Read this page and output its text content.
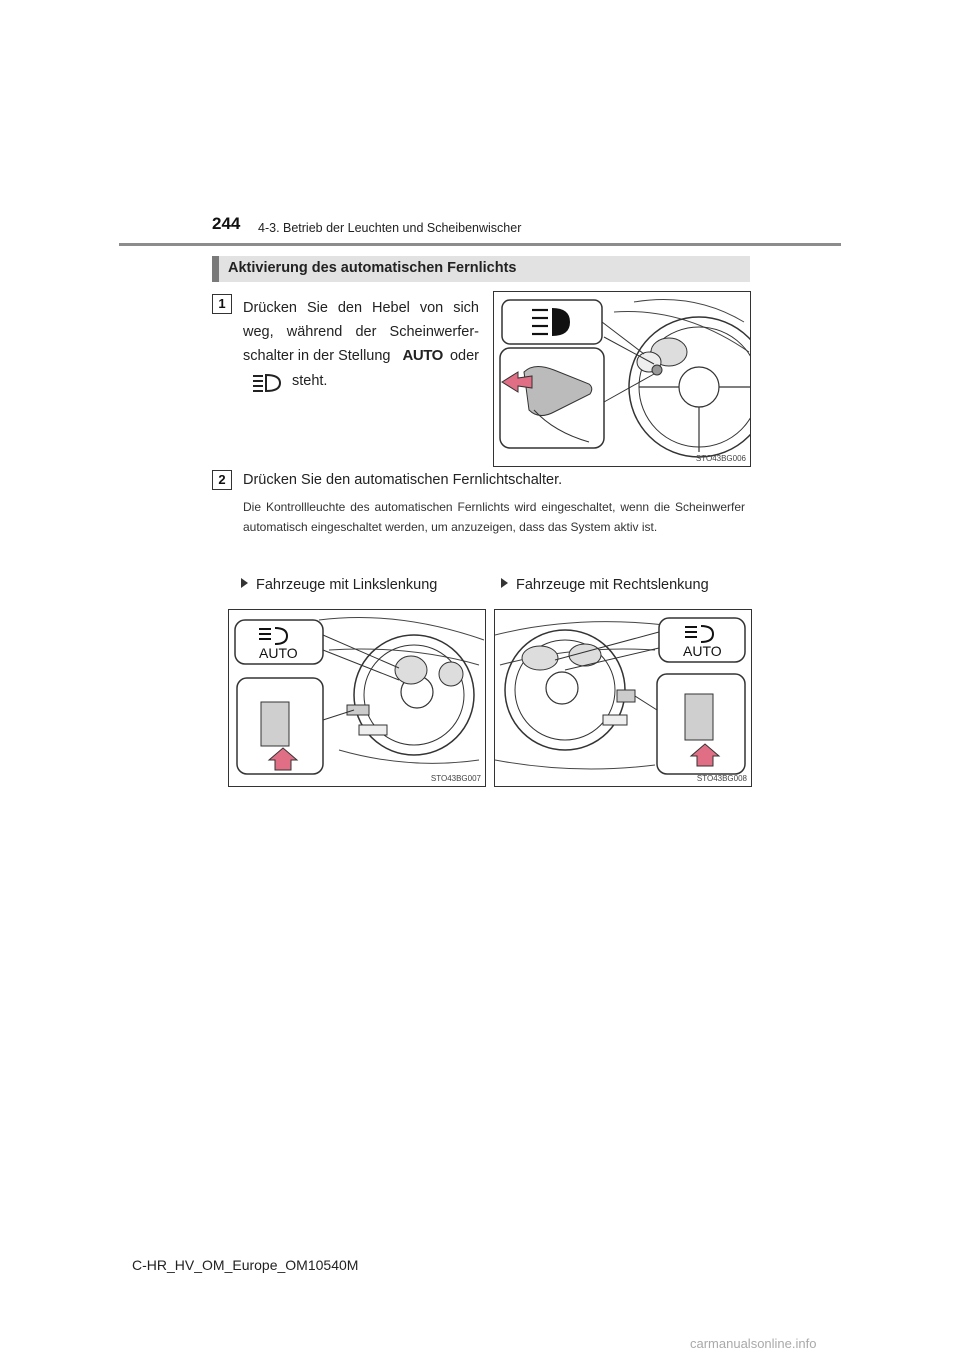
244 4-3. Betrieb der Leuchten und Scheibenwischer
Aktivierung des automatischen Fernlichts
1	Drücken Sie den Hebel von sich
weg, während der Scheinwerfer-
schalter in der Stellung AUTO oder
steht.
STO43BG006
2	Drücken Sie den automatischen Fernlichtschalter.
Die Kontrollleuchte des automatischen Fernlichts wird eingeschaltet, wenn die Scheinwerfer automatisch eingeschaltet werden, um anzuzeigen, dass das System aktiv ist.
Fahrzeuge mit Linkslenkung	Fahrzeuge mit Rechtslenkung
AUTO
STO43BG007
AUTO
STO43BG008
C-HR_HV_OM_Europe_OM10540M
carmanualsonline.info
